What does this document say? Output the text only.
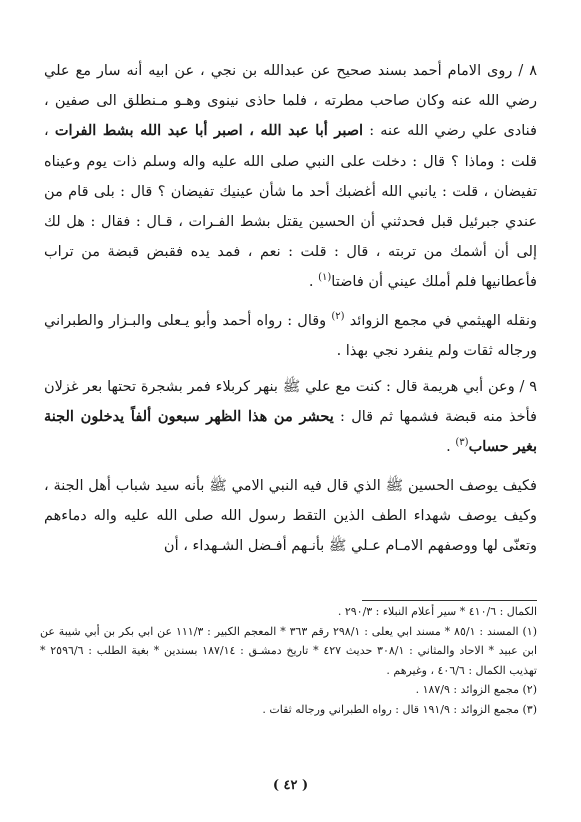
٨ / روى الامام أحمد بسند صحيح عن عبدالله بن نجي ، عن ابيه أنه سار مع علي رضي الله عنه وكان صاحب مطرته ، فلما حاذى نينوى وهـو مـنطلق الى صفين ، فنادى علي رضي الله عنه : اصبر أبا عبد الله ، اصبر أبا عبد الله بشط الفرات ، قلت : وماذا ؟ قال : دخلت على النبي صلى الله عليه واله وسلم ذات يوم وعيناه تفيضان ، قلت : يانبي الله أغضبك أحد ما شأن عينيك تفيضان ؟ قال : بلى قام من عندي جبرئيل قبل فحدثني أن الحسين يقتل بشط الفـرات ، قـال : فقال : هل لك إلى أن أشمك من تربته ، قال : قلت : نعم ، فمد يده فقبض قبضة من تراب فأعطانيها فلم أملك عيني أن فاضتا$^{(١)}$ .

ونقله الهيثمي في مجمع الزوائد $^{(٢)}$ وقال : رواه أحمد وأبو يـعلى والبـزار والطبراني ورجاله ثقات ولم ينفرد نجي بهذا .

٩ / وعن أبي هريمة قال : كنت مع علي ﷺ بنهر كربلاء فمر بشجرة تحتها بعر غزلان فأخذ منه قبضة فشمها ثم قال : يحشر من هذا الظهر سبعون ألفاً يدخلون الجنة بغير حساب$^{(٣)}$ .

فكيف يوصف الحسين ﷺ الذي قال فيه النبي الامي ﷺ بأنه سيد شباب أهل الجنة ، وكيف يوصف شهداء الطف الذين التقط رسول الله صلى الله عليه واله دماءهم وتعنّى لها ووصفهم الامـام عـلي ﷺ بأنـهم أفـضل الشـهداء ، أن

الكمال : ٤١٠/٦ * سير أعلام النبلاء : ٢٩٠/٣ .

(١) المسند : ٨٥/١ * مسند ابي يعلى : ٢٩٨/١ رقم ٣٦٣ * المعجم الكبير : ١١١/٣ عن ابي بكر بن أبي شيبة عن ابن عبيد * الاحاد والمثاني : ٣٠٨/١ حديث ٤٢٧ * تاريخ دمشـق : ١٨٧/١٤ بسندين * بغية الطلب : ٢٥٩٦/٦ * تهذيب الكمال : ٤٠٦/٦ ، وغيرهم .

(٢) مجمع الزوائد : ١٨٧/٩ .

(٣) مجمع الزوائد : ١٩١/٩ قال : رواه الطبراني ورجاله ثقات .

( ٤٢ )
